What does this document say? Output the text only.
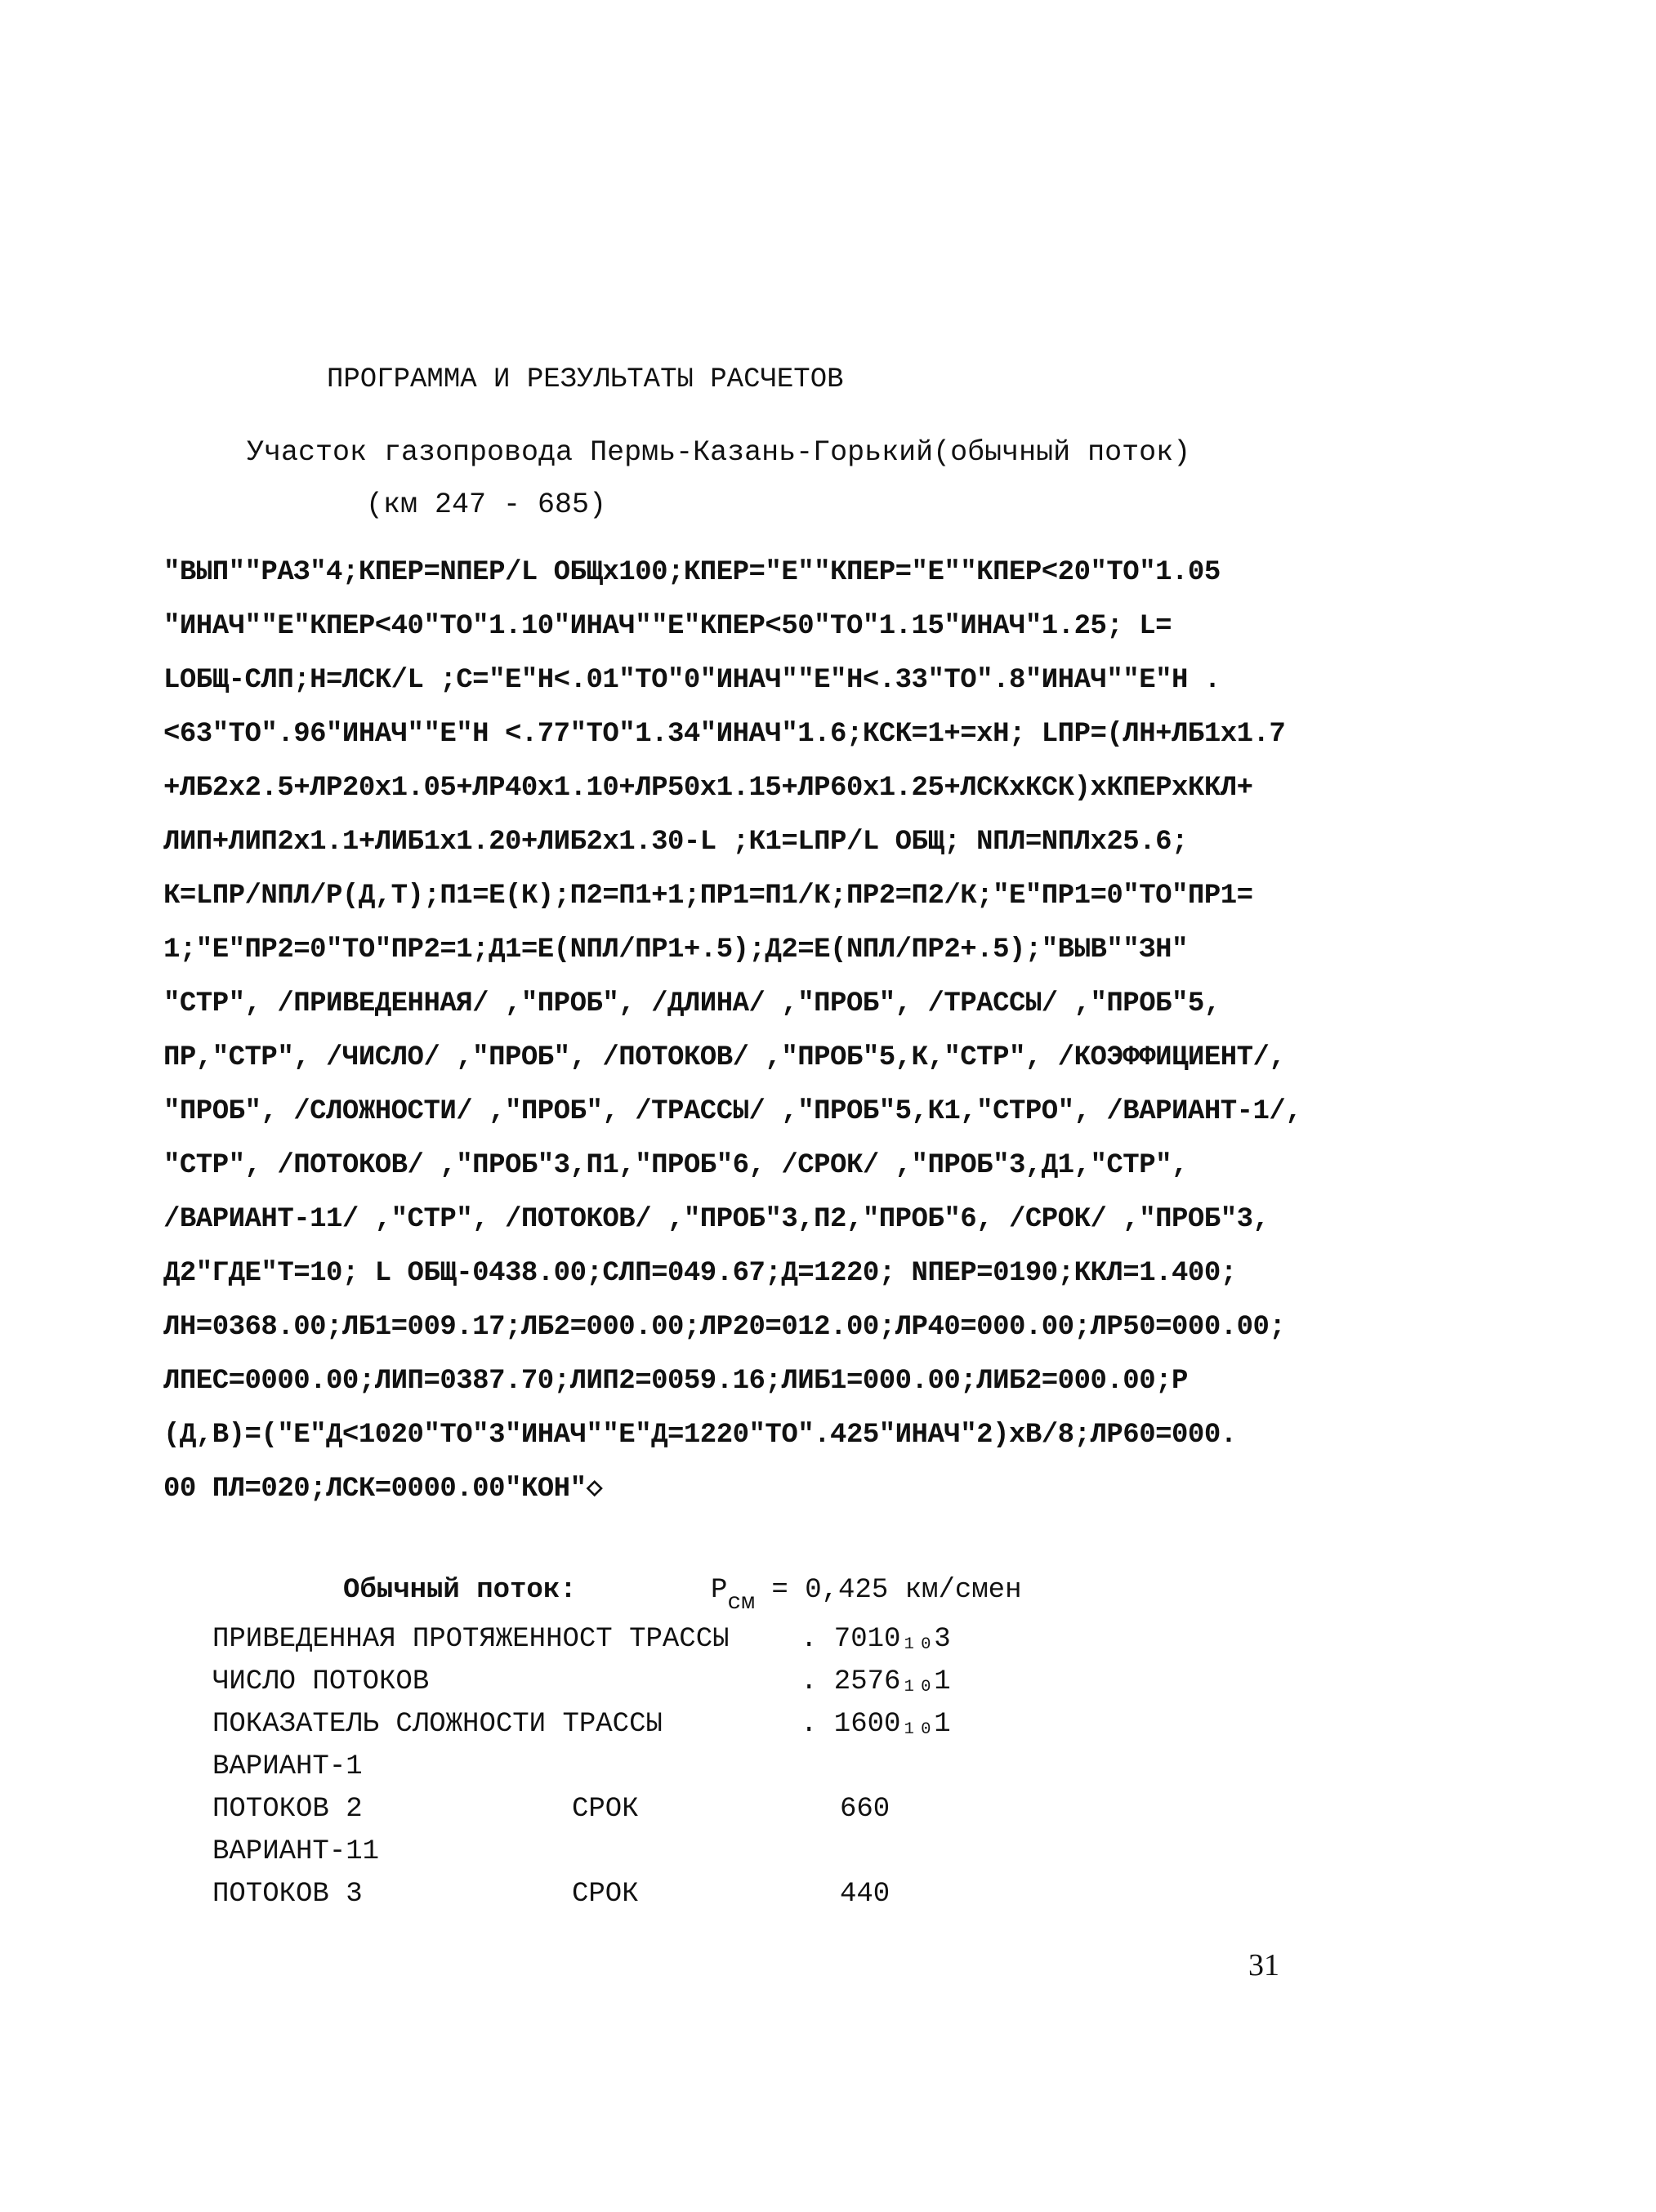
ПРОГРАММА И РЕЗУЛЬТАТЫ РАСЧЕТОВ
Участок газопровода Пермь-Казань-Горький(обычный поток)
(км 247 - 685)
"ВЫП""РАЗ"4;КПЕР=NПЕР/L ОБЩх100;КПЕР="Е""КПЕР="Е""КПЕР<20"ТО"1.05
"ИНАЧ""Е"КПЕР<40"ТО"1.10"ИНАЧ""Е"КПЕР<50"ТО"1.15"ИНАЧ"1.25; L=
LОБЩ-СЛП;Н=ЛСК/L ;С="Е"Н<.01"ТО"0"ИНАЧ""Е"Н<.33"ТО".8"ИНАЧ""Е"Н .
<63"ТО".96"ИНАЧ""Е"Н <.77"ТО"1.34"ИНАЧ"1.6;КСК=1+=хН; LПР=(ЛН+ЛБ1х1.7
+ЛБ2х2.5+ЛР20х1.05+ЛР40х1.10+ЛР50х1.15+ЛР60х1.25+ЛСКхКСК)хКПЕРхККЛ+
ЛИП+ЛИП2х1.1+ЛИБ1х1.20+ЛИБ2х1.30-L ;К1=LПР/L ОБЩ; NПЛ=NПЛх25.6;
К=LПР/NПЛ/Р(Д,Т);П1=Е(К);П2=П1+1;ПР1=П1/К;ПР2=П2/К;"Е"ПР1=0"ТО"ПР1=
1;"Е"ПР2=0"ТО"ПР2=1;Д1=Е(NПЛ/ПР1+.5);Д2=Е(NПЛ/ПР2+.5);"ВЫВ""ЗН"
"СТР", /ПРИВЕДЕННАЯ/ ,"ПРОБ", /ДЛИНА/ ,"ПРОБ", /ТРАССЫ/ ,"ПРОБ"5,
ПР,"СТР", /ЧИСЛО/ ,"ПРОБ", /ПОТОКОВ/ ,"ПРОБ"5,К,"СТР", /КОЭФФИЦИЕНТ/,
"ПРОБ", /СЛОЖНОСТИ/ ,"ПРОБ", /ТРАССЫ/ ,"ПРОБ"5,К1,"СТРО", /ВАРИАНТ-1/,
"СТР", /ПОТОКОВ/ ,"ПРОБ"3,П1,"ПРОБ"6, /СРОК/ ,"ПРОБ"3,Д1,"СТР",
/ВАРИАНТ-11/ ,"СТР", /ПОТОКОВ/ ,"ПРОБ"3,П2,"ПРОБ"6, /СРОК/ ,"ПРОБ"3,
Д2"ГДЕ"Т=10; L ОБЩ-0438.00;СЛП=049.67;Д=1220; NПЕР=0190;ККЛ=1.400;
ЛН=0368.00;ЛБ1=009.17;ЛБ2=000.00;ЛР20=012.00;ЛР40=000.00;ЛР50=000.00;
ЛПЕС=0000.00;ЛИП=0387.70;ЛИП2=0059.16;ЛИБ1=000.00;ЛИБ2=000.00;Р
(Д,В)=("Е"Д<1020"ТО"3"ИНАЧ""Е"Д=1220"ТО".425"ИНАЧ"2)хВ/8;ЛР60=000.
00 ПЛ=020;ЛСК=0000.00"КОН"◇
Обычный поток:	$P_{см} = 0,425$ км/смен
ПРИВЕДЕННАЯ ПРОТЯЖЕННОСТ ТРАССЫ	. 7010₁₀3
ЧИСЛО ПОТОКОВ	. 2576₁₀1
ПОКАЗАТЕЛЬ СЛОЖНОСТИ ТРАССЫ	. 1600₁₀1
ВАРИАНТ-1
ПОТОКОВ 2	СРОК	660
ВАРИАНТ-11
ПОТОКОВ 3	СРОК	440
31
